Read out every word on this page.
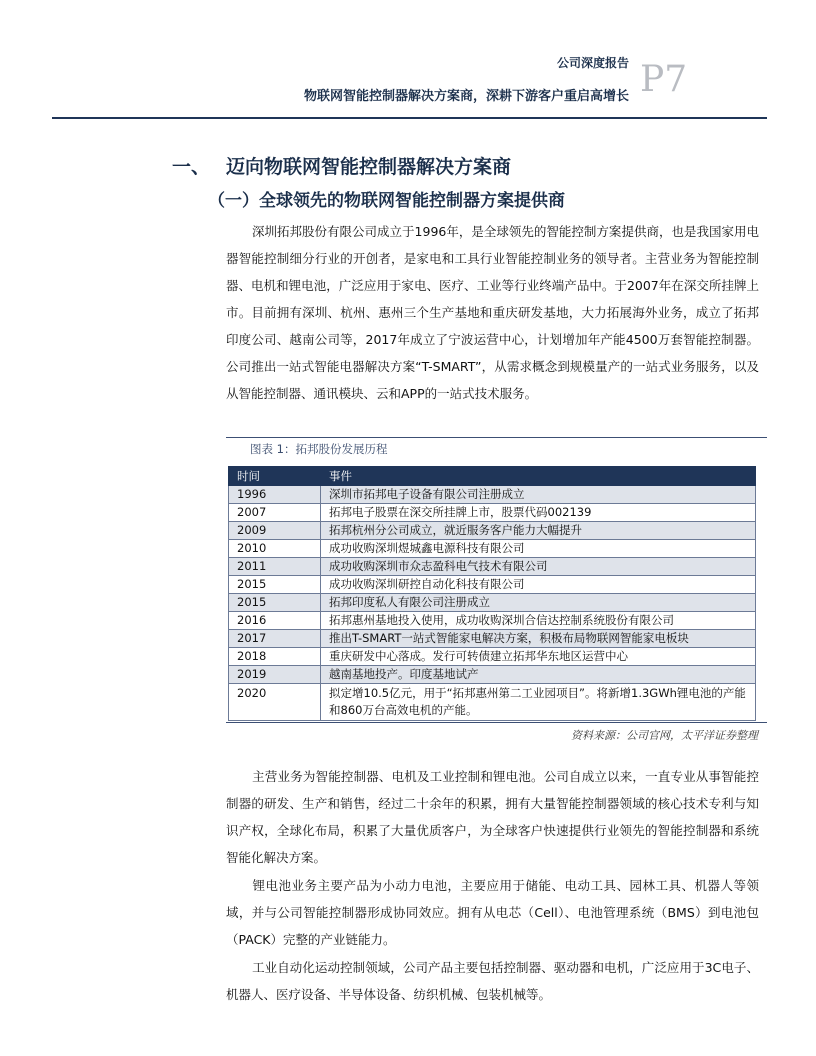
公司深度报告
物联网智能控制器解决方案商，深耕下游客户重启高增长 P7
一、 迈向物联网智能控制器解决方案商
（一）全球领先的物联网智能控制器方案提供商

深圳拓邦股份有限公司成立于1996年，是全球领先的智能控制方案提供商，也是我国家用电器智能控制细分行业的开创者，是家电和工具行业智能控制业务的领导者。主营业务为智能控制器、电机和锂电池，广泛应用于家电、医疗、工业等行业终端产品中。于2007年在深交所挂牌上市。目前拥有深圳、杭州、惠州三个生产基地和重庆研发基地，大力拓展海外业务，成立了拓邦印度公司、越南公司等，2017年成立了宁波运营中心，计划增加年产能4500万套智能控制器。公司推出一站式智能电器解决方案“T-SMART”，从需求概念到规模量产的一站式业务服务，以及从智能控制器、通讯模块、云和APP的一站式技术服务。

图表 1：拓邦股份发展历程
时间	事件
1996	深圳市拓邦电子设备有限公司注册成立
2007	拓邦电子股票在深交所挂牌上市，股票代码002139
2009	拓邦杭州分公司成立，就近服务客户能力大幅提升
2010	成功收购深圳煜城鑫电源科技有限公司
2011	成功收购深圳市众志盈科电气技术有限公司
2015	成功收购深圳研控自动化科技有限公司
2015	拓邦印度私人有限公司注册成立
2016	拓邦惠州基地投入使用，成功收购深圳合信达控制系统股份有限公司
2017	推出T-SMART一站式智能家电解决方案，积极布局物联网智能家电板块
2018	重庆研发中心落成。发行可转债建立拓邦华东地区运营中心
2019	越南基地投产。印度基地试产
2020	拟定增10.5亿元，用于“拓邦惠州第二工业园项目”。将新增1.3GWh锂电池的产能和860万台高效电机的产能。
资料来源：公司官网，太平洋证券整理

主营业务为智能控制器、电机及工业控制和锂电池。公司自成立以来，一直专业从事智能控制器的研发、生产和销售，经过二十余年的积累，拥有大量智能控制器领域的核心技术专利与知识产权，全球化布局，积累了大量优质客户，为全球客户快速提供行业领先的智能控制器和系统智能化解决方案。

锂电池业务主要产品为小动力电池，主要应用于储能、电动工具、园林工具、机器人等领域，并与公司智能控制器形成协同效应。拥有从电芯（Cell）、电池管理系统（BMS）到电池包（PACK）完整的产业链能力。

工业自动化运动控制领域，公司产品主要包括控制器、驱动器和电机，广泛应用于3C电子、机器人、医疗设备、半导体设备、纺织机械、包装机械等。
